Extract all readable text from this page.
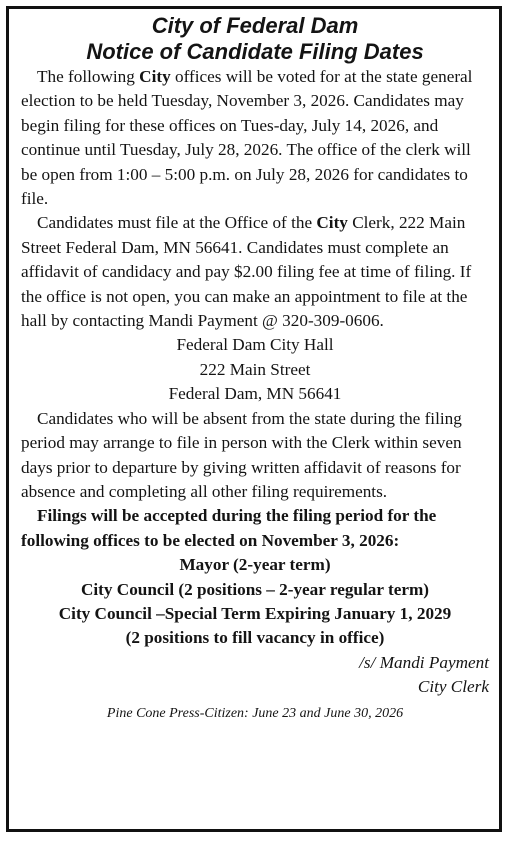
City of Federal Dam
Notice of Candidate Filing Dates

The following City offices will be voted for at the state general election to be held Tuesday, November 3, 2026. Candidates may begin filing for these offices on Tues-day, July 14, 2026, and continue until Tuesday, July 28, 2026. The office of the clerk will be open from 1:00 – 5:00 p.m. on July 28, 2026 for candidates to file.

Candidates must file at the Office of the City Clerk, 222 Main Street Federal Dam, MN 56641. Candidates must complete an affidavit of candidacy and pay $2.00 filing fee at time of filing. If the office is not open, you can make an appointment to file at the hall by contacting Mandi Payment @ 320-309-0606.

Federal Dam City Hall

222 Main Street

Federal Dam, MN 56641

Candidates who will be absent from the state during the filing period may arrange to file in person with the Clerk within seven days prior to departure by giving written affidavit of reasons for absence and completing all other filing requirements.

Filings will be accepted during the filing period for the following offices to be elected on November 3, 2026:

Mayor (2-year term)

City Council (2 positions – 2-year regular term)

City Council –Special Term Expiring January 1, 2029

(2 positions to fill vacancy in office)

/s/ Mandi Payment

City Clerk

Pine Cone Press-Citizen: June 23 and June 30, 2026
